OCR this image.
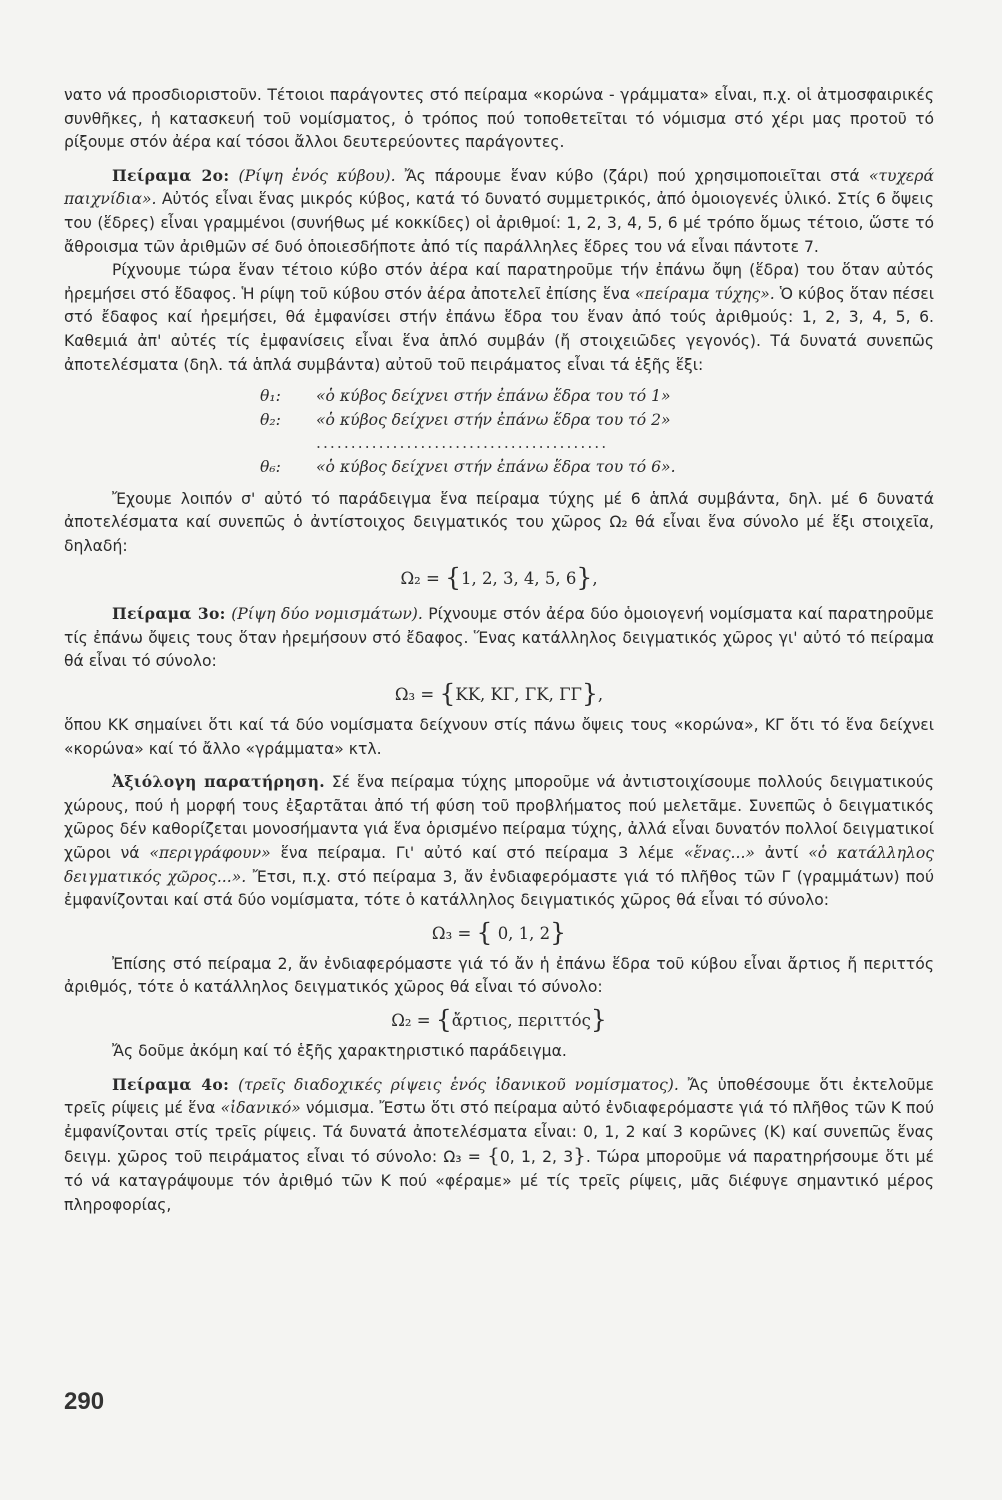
νατο νά προσδιοριστοῦν. Τέτοιοι παράγοντες στό πείραμα «κορώνα - γράμματα» εἶναι, π.χ. οἱ ἀτμοσφαιρικές συνθῆκες, ἡ κατασκευή τοῦ νομίσματος, ὁ τρόπος πού τοποθετεῖται τό νόμισμα στό χέρι μας προτοῦ τό ρίξουμε στόν ἀέρα καί τόσοι ἄλλοι δευτερεύοντες παράγοντες.

Πείραμα 2ο: (Ρίψη ἑνός κύβου). Ἄς πάρουμε ἕναν κύβο (ζάρι) πού χρησιμοποιεῖται στά «τυχερά παιχνίδια». Αὐτός εἶναι ἕνας μικρός κύβος, κατά τό δυνατό συμμετρικός, ἀπό ὁμοιογενές ὑλικό. Στίς 6 ὄψεις του (ἕδρες) εἶναι γραμμένοι (συνήθως μέ κοκκίδες) οἱ ἀριθμοί: 1, 2, 3, 4, 5, 6 μέ τρόπο ὅμως τέτοιο, ὥστε τό ἄθροισμα τῶν ἀριθμῶν σέ δυό ὁποιεσδήποτε ἀπό τίς παράλληλες ἕδρες του νά εἶναι πάντοτε 7.

Ρίχνουμε τώρα ἕναν τέτοιο κύβο στόν ἀέρα καί παρατηροῦμε τήν ἐπάνω ὄψη (ἕδρα) του ὅταν αὐτός ἠρεμήσει στό ἔδαφος. Ἡ ρίψη τοῦ κύβου στόν ἀέρα ἀποτελεῖ ἐπίσης ἕνα «πείραμα τύχης». Ὁ κύβος ὅταν πέσει στό ἔδαφος καί ἠρεμήσει, θά ἐμφανίσει στήν ἐπάνω ἕδρα του ἕναν ἀπό τούς ἀριθμούς: 1, 2, 3, 4, 5, 6. Καθεμιά ἀπ' αὐτές τίς ἐμφανίσεις εἶναι ἕνα ἁπλό συμβάν (ἤ στοιχειῶδες γεγονός). Τά δυνατά συνεπῶς ἀποτελέσματα (δηλ. τά ἁπλά συμβάντα) αὐτοῦ τοῦ πειράματος εἶναι τά ἑξῆς ἕξι:

θ₁: «ὁ κύβος δείχνει στήν ἐπάνω ἕδρα του τό 1»
θ₂: «ὁ κύβος δείχνει στήν ἐπάνω ἕδρα του τό 2»
..........................................
θ₆: «ὁ κύβος δείχνει στήν ἐπάνω ἕδρα του τό 6».

Ἔχουμε λοιπόν σ' αὐτό τό παράδειγμα ἕνα πείραμα τύχης μέ 6 ἁπλά συμβάντα, δηλ. μέ 6 δυνατά ἀποτελέσματα καί συνεπῶς ὁ ἀντίστοιχος δειγματικός του χῶρος Ω₂ θά εἶναι ἕνα σύνολο μέ ἕξι στοιχεῖα, δηλαδή:

Ω₂ = {1, 2, 3, 4, 5, 6},

Πείραμα 3ο: (Ρίψη δύο νομισμάτων). Ρίχνουμε στόν ἀέρα δύο ὁμοιογενή νομίσματα καί παρατηροῦμε τίς ἐπάνω ὄψεις τους ὅταν ἠρεμήσουν στό ἔδαφος. Ἕνας κατάλληλος δειγματικός χῶρος γι' αὐτό τό πείραμα θά εἶναι τό σύνολο:

Ω₃ = {ΚΚ, ΚΓ, ΓΚ, ΓΓ},

ὅπου ΚΚ σημαίνει ὅτι καί τά δύο νομίσματα δείχνουν στίς πάνω ὄψεις τους «κορώνα», ΚΓ ὅτι τό ἕνα δείχνει «κορώνα» καί τό ἄλλο «γράμματα» κτλ.

Ἀξιόλογη παρατήρηση. Σέ ἕνα πείραμα τύχης μποροῦμε νά ἀντιστοιχίσουμε πολλούς δειγματικούς χώρους, πού ἡ μορφή τους ἐξαρτᾶται ἀπό τή φύση τοῦ προβλήματος πού μελετᾶμε. Συνεπῶς ὁ δειγματικός χῶρος δέν καθορίζεται μονοσήμαντα γιά ἕνα ὁρισμένο πείραμα τύχης, ἀλλά εἶναι δυνατόν πολλοί δειγματικοί χῶροι νά «περιγράφουν» ἕνα πείραμα. Γι' αὐτό καί στό πείραμα 3 λέμε «ἕνας...» ἀντί «ὁ κατάλληλος δειγματικός χῶρος...». Ἔτσι, π.χ. στό πείραμα 3, ἄν ἐνδιαφερόμαστε γιά τό πλῆθος τῶν Γ (γραμμάτων) πού ἐμφανίζονται καί στά δύο νομίσματα, τότε ὁ κατάλληλος δειγματικός χῶρος θά εἶναι τό σύνολο:

Ω₃ = { 0, 1, 2}

Ἐπίσης στό πείραμα 2, ἄν ἐνδιαφερόμαστε γιά τό ἄν ἡ ἐπάνω ἕδρα τοῦ κύβου εἶναι ἄρτιος ἤ περιττός ἀριθμός, τότε ὁ κατάλληλος δειγματικός χῶρος θά εἶναι τό σύνολο:

Ω₂ = {ἄρτιος, περιττός}

Ἄς δοῦμε ἀκόμη καί τό ἑξῆς χαρακτηριστικό παράδειγμα.

Πείραμα 4ο: (τρεῖς διαδοχικές ρίψεις ἑνός ἰδανικοῦ νομίσματος). Ἄς ὑποθέσουμε ὅτι ἐκτελοῦμε τρεῖς ρίψεις μέ ἕνα «ἰδανικό» νόμισμα. Ἔστω ὅτι στό πείραμα αὐτό ἐνδιαφερόμαστε γιά τό πλῆθος τῶν Κ πού ἐμφανίζονται στίς τρεῖς ρίψεις. Τά δυνατά ἀποτελέσματα εἶναι: 0, 1, 2 καί 3 κορῶνες (Κ) καί συνεπῶς ἕνας δειγμ. χῶρος τοῦ πειράματος εἶναι τό σύνολο: Ω₃ = {0, 1, 2, 3}. Τώρα μποροῦμε νά παρατηρήσουμε ὅτι μέ τό νά καταγράψουμε τόν ἀριθμό τῶν Κ πού «φέραμε» μέ τίς τρεῖς ρίψεις, μᾶς διέφυγε σημαντικό μέρος πληροφορίας,

290
